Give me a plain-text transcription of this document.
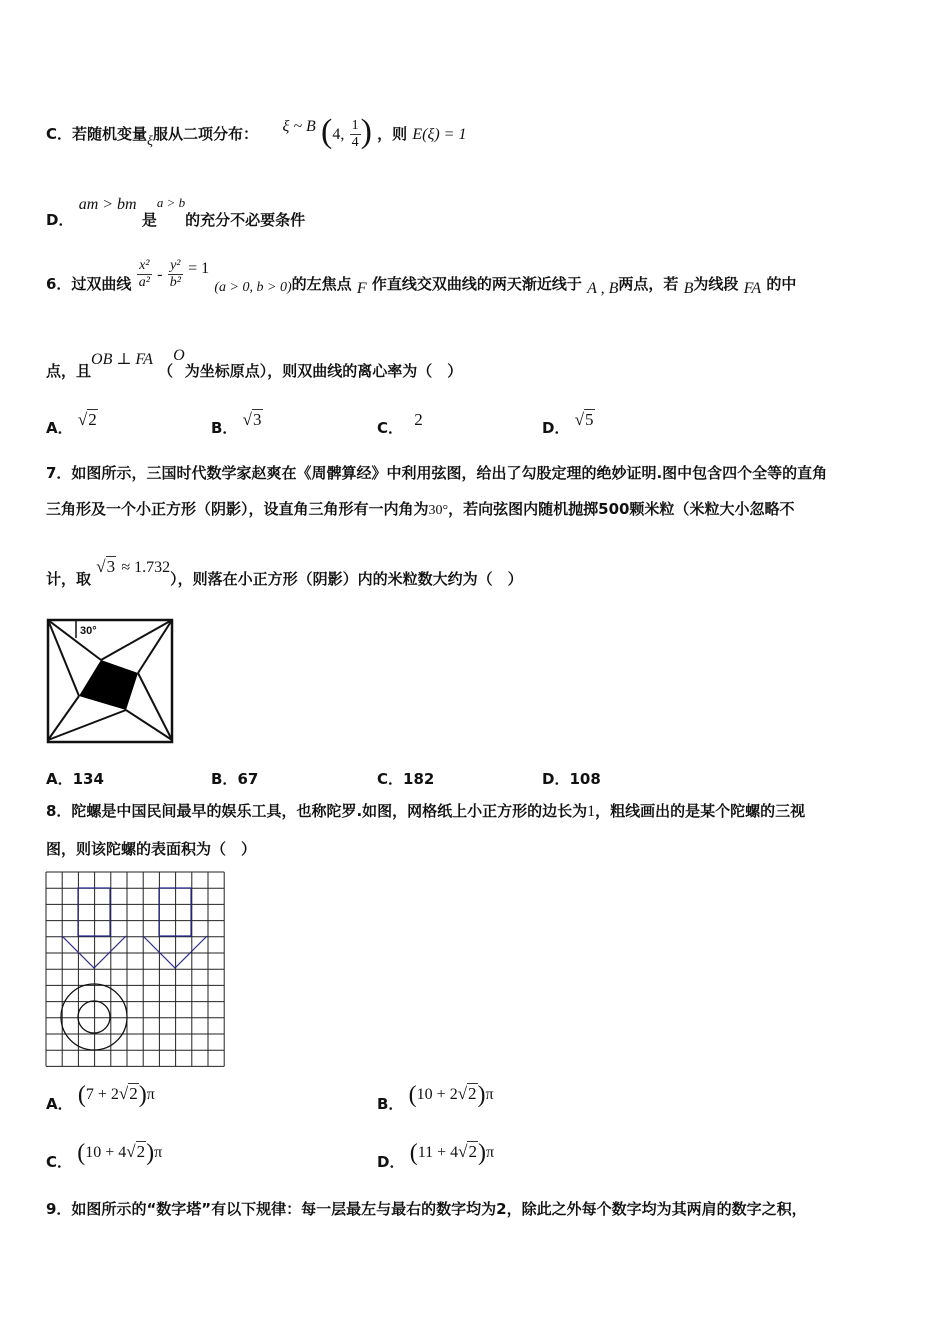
C．若随机变量ξ服从二项分布： ξ ~ B (4, $\frac{1}{4}$ ) ，则 E(ξ) = 1
D． am > bm 是a > b的充分不必要条件
6．过双曲线 $\frac{\text{x²}}{\text{a²}} - \frac{\text{y²}}{\text{b²}} = 1$ (a > 0, b > 0)的左焦点 F 作直线交双曲线的两天渐近线于 A , B两点，若 B为线段 FA 的中
点，且OB ⊥ FA （O为坐标原点），则双曲线的离心率为（　）
A． √2	B． √3	C． 2	D． √5
7．如图所示，三国时代数学家赵爽在《周髀算经》中利用弦图，给出了勾股定理的绝妙证明.图中包含四个全等的直角
三角形及一个小正方形（阴影），设直角三角形有一内角为30°，若向弦图内随机抛掷500颗米粒（米粒大小忽略不
计，取 √3 ≈ 1.732），则落在小正方形（阴影）内的米粒数大约为（　）
30°
A．134	B．67	C．182	D．108
8．陀螺是中国民间最早的娱乐工具，也称陀罗.如图，网格纸上小正方形的边长为1，粗线画出的是某个陀螺的三视
图，则该陀螺的表面积为（　）
A． (7 + 2√2)π
B． (10 + 2√2)π
C． (10 + 4√2)π
D． (11 + 4√2)π
9．如图所示的“数字塔”有以下规律：每一层最左与最右的数字均为2，除此之外每个数字均为其两肩的数字之积，
